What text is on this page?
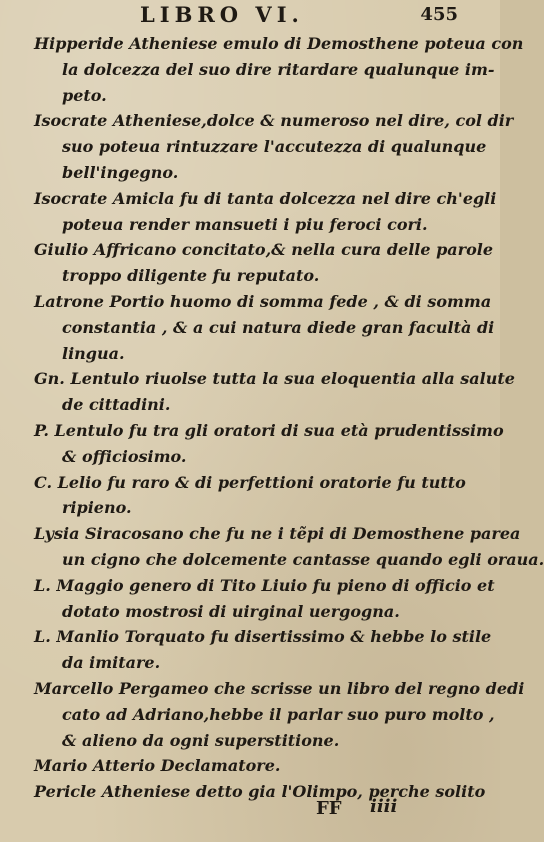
LIBRO VI.	455
Hipperide Atheniese emulo di Demosthene poteua con
la dolcezza del suo dire ritardare qualunque im-
peto.
Isocrate Atheniese,dolce & numeroso nel dire, col dir
suo poteua rintuzzare l'accutezza di qualunque
bell'ingegno.
Isocrate Amicla fu di tanta dolcezza nel dire ch'egli
poteua render mansueti i piu feroci cori.
Giulio Affricano concitato,& nella cura delle parole
troppo diligente fu reputato.
Latrone Portio huomo di somma fede , & di somma
constantia , & a cui natura diede gran facultà di
lingua.
Gn. Lentulo riuolse tutta la sua eloquentia alla salute
de cittadini.
P. Lentulo fu tra gli oratori di sua età prudentissimo
& officiosimo.
C. Lelio fu raro & di perfettioni oratorie fu tutto
ripieno.
Lysia Siracosano che fu ne i tẽpi di Demosthene parea
un cigno che dolcemente cantasse quando egli oraua.
L. Maggio genero di Tito Liuio fu pieno di officio et
dotato mostrosi di uirginal uergogna.
L. Manlio Torquato fu disertissimo & hebbe lo stile
da imitare.
Marcello Pergameo che scrisse un libro del regno dedi
cato ad Adriano,hebbe il parlar suo puro molto ,
& alieno da ogni superstitione.
Mario Atterio Declamatore.
Pericle Atheniese detto gia l'Olimpo, perche solito
FF iiii
